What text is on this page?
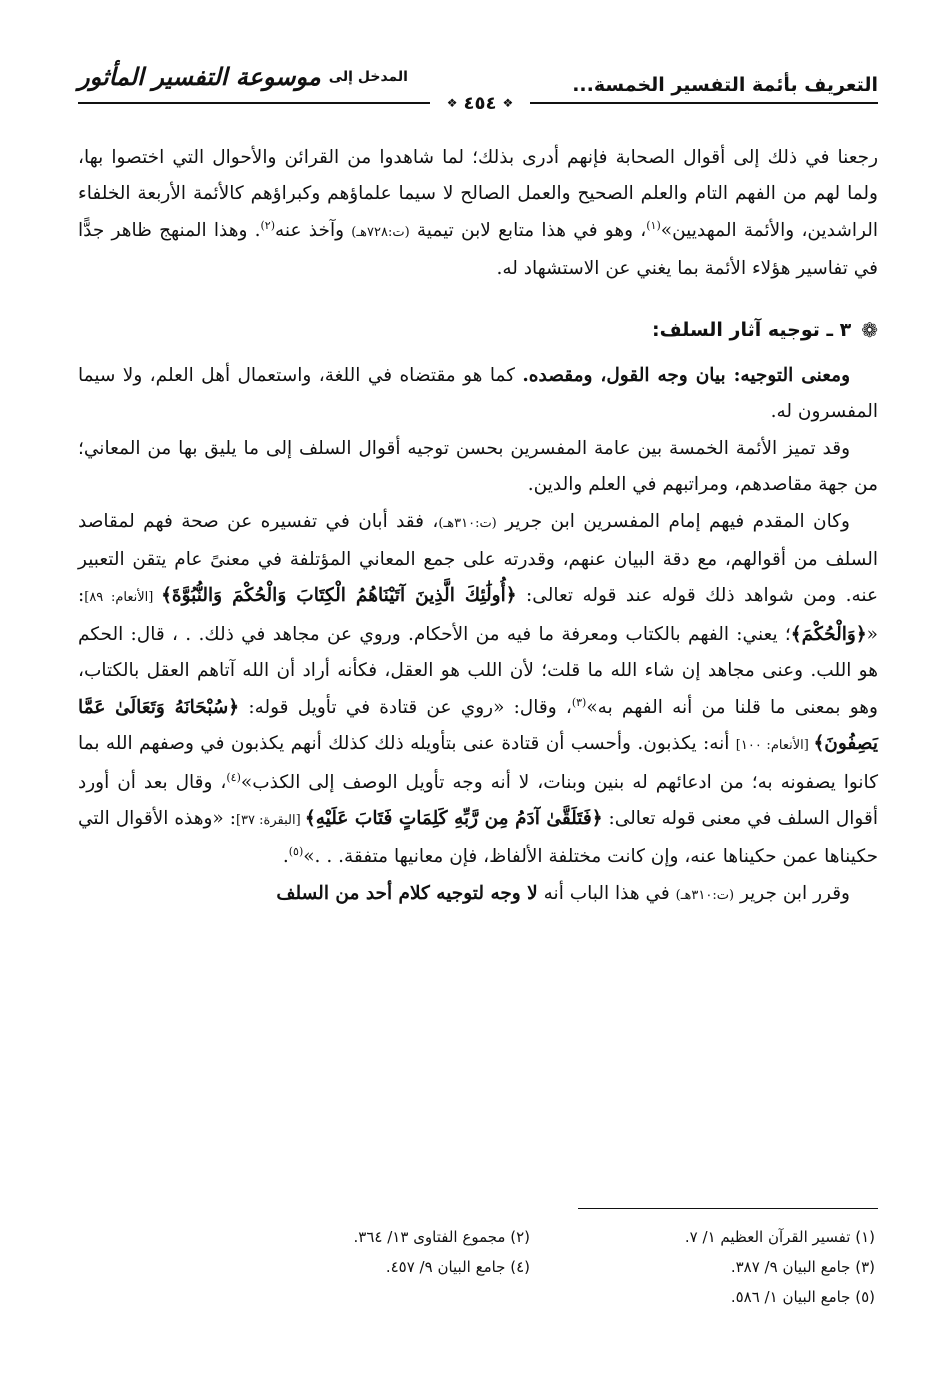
التعريف بأئمة التفسير الخمسة...
المدخل إلى
موسوعة التفسير المأثور
❖
٤٥٤
❖

رجعنا في ذلك إلى أقوال الصحابة فإنهم أدرى بذلك؛ لما شاهدوا من القرائن والأحوال التي اختصوا بها، ولما لهم من الفهم التام والعلم الصحيح والعمل الصالح لا سيما علماؤهم وكبراؤهم كالأئمة الأربعة الخلفاء الراشدين، والأئمة المهديين»$^{(١)}$، وهو في هذا متابع لابن تيمية (ت:٧٢٨هـ) وآخذ عنه$^{(٢)}$. وهذا المنهج ظاهر جدًّا في تفاسير هؤلاء الأئمة بما يغني عن الاستشهاد له.

❁
٣ ـ توجيه آثار السلف:

ومعنى التوجيه: بيان وجه القول، ومقصده. كما هو مقتضاه في اللغة، واستعمال أهل العلم، ولا سيما المفسرون له.

وقد تميز الأئمة الخمسة بين عامة المفسرين بحسن توجيه أقوال السلف إلى ما يليق بها من المعاني؛ من جهة مقاصدهم، ومراتبهم في العلم والدين.

وكان المقدم فيهم إمام المفسرين ابن جرير (ت:٣١٠هـ)، فقد أبان في تفسيره عن صحة فهم لمقاصد السلف من أقوالهم، مع دقة البيان عنهم، وقدرته على جمع المعاني المؤتلفة في معنىً عام يتقن التعبير عنه. ومن شواهد ذلك قوله عند قوله تعالى: ﴿أُولَٰئِكَ الَّذِينَ آتَيْنَاهُمُ الْكِتَابَ وَالْحُكْمَ وَالنُّبُوَّةَ﴾ [الأنعام: ٨٩]: «﴿وَالْحُكْمَ﴾؛ يعني: الفهم بالكتاب ومعرفة ما فيه من الأحكام. وروي عن مجاهد في ذلك. . ، قال: الحكم هو اللب. وعنى مجاهد إن شاء الله ما قلت؛ لأن اللب هو العقل، فكأنه أراد أن الله آتاهم العقل بالكتاب، وهو بمعنى ما قلنا من أنه الفهم به»$^{(٣)}$، وقال: «روي عن قتادة في تأويل قوله: ﴿سُبْحَانَهُ وَتَعَالَىٰ عَمَّا يَصِفُونَ﴾ [الأنعام: ١٠٠] أنه: يكذبون. وأحسب أن قتادة عنى بتأويله ذلك كذلك أنهم يكذبون في وصفهم الله بما كانوا يصفونه به؛ من ادعائهم له بنين وبنات، لا أنه وجه تأويل الوصف إلى الكذب»$^{(٤)}$، وقال بعد أن أورد أقوال السلف في معنى قوله تعالى: ﴿فَتَلَقَّىٰ آدَمُ مِن رَّبِّهِ كَلِمَاتٍ فَتَابَ عَلَيْهِ﴾ [البقرة: ٣٧]: «وهذه الأقوال التي حكيناها عمن حكيناها عنه، وإن كانت مختلفة الألفاظ، فإن معانيها متفقة. . .»$^{(٥)}$.

وقرر ابن جرير (ت:٣١٠هـ) في هذا الباب أنه لا وجه لتوجيه كلام أحد من السلف

(١) تفسير القرآن العظيم ١/ ٧.
(٢) مجموع الفتاوى ١٣/ ٣٦٤.
(٣) جامع البيان ٩/ ٣٨٧.
(٤) جامع البيان ٩/ ٤٥٧.
(٥) جامع البيان ١/ ٥٨٦.
